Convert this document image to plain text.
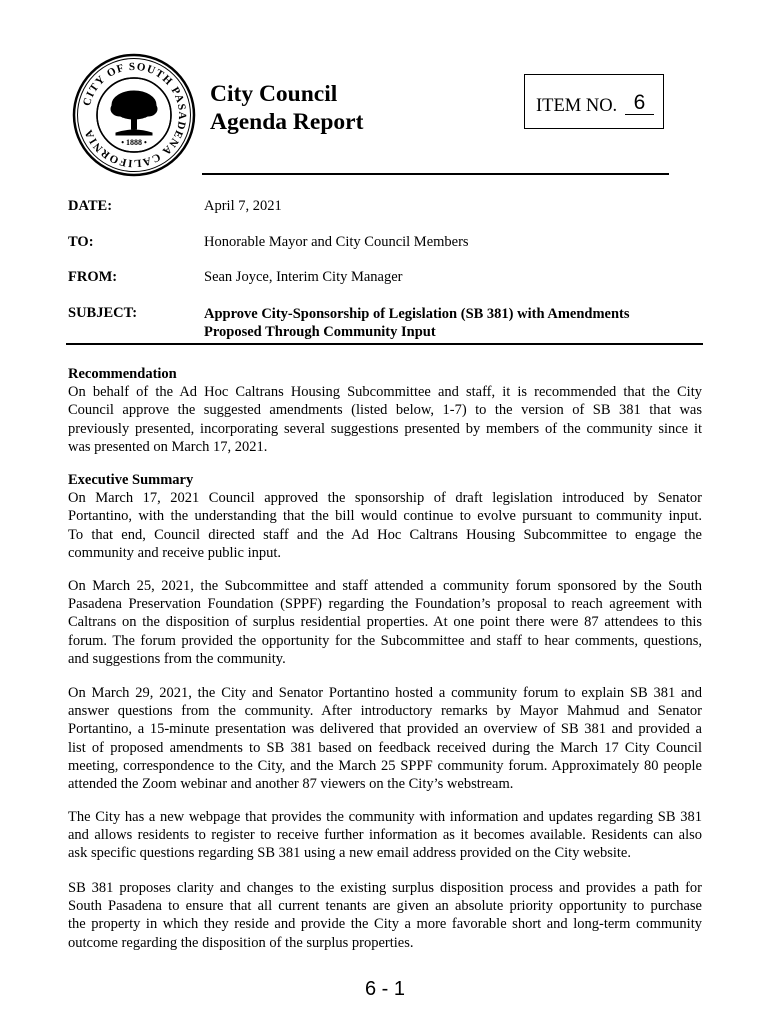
CITY OF SOUTH PASADENA CALIFORNIA
• 1888 •
City Council
Agenda Report
ITEM NO. 6
DATE:	April 7, 2021
TO:	Honorable Mayor and City Council Members
FROM:	Sean Joyce, Interim City Manager
SUBJECT:	Approve City-Sponsorship of Legislation (SB 381) with Amendments
Proposed Through Community Input
Recommendation
On behalf of the Ad Hoc Caltrans Housing Subcommittee and staff, it is recommended that the City
Council approve the suggested amendments (listed below, 1-7) to the version of SB 381 that was
previously presented, incorporating several suggestions presented by members of the community since it
was presented on March 17, 2021.
Executive Summary
On March 17, 2021 Council approved the sponsorship of draft legislation introduced by Senator
Portantino, with the understanding that the bill would continue to evolve pursuant to community input.
To that end, Council directed staff and the Ad Hoc Caltrans Housing Subcommittee to engage the
community and receive public input.
On March 25, 2021, the Subcommittee and staff attended a community forum sponsored by the South
Pasadena Preservation Foundation (SPPF) regarding the Foundation’s proposal to reach agreement with
Caltrans on the disposition of surplus residential properties. At one point there were 87 attendees to this
forum. The forum provided the opportunity for the Subcommittee and staff to hear comments, questions,
and suggestions from the community.
On March 29, 2021, the City and Senator Portantino hosted a community forum to explain SB 381 and
answer questions from the community. After introductory remarks by Mayor Mahmud and Senator
Portantino, a 15-minute presentation was delivered that provided an overview of SB 381 and provided a
list of proposed amendments to SB 381 based on feedback received during the March 17 City Council
meeting, correspondence to the City, and the March 25 SPPF community forum. Approximately 80 people
attended the Zoom webinar and another 87 viewers on the City’s webstream.
The City has a new webpage that provides the community with information and updates regarding SB 381
and allows residents to register to receive further information as it becomes available. Residents can also
ask specific questions regarding SB 381 using a new email address provided on the City website.
SB 381 proposes clarity and changes to the existing surplus disposition process and provides a path for
South Pasadena to ensure that all current tenants are given an absolute priority opportunity to purchase
the property in which they reside and provide the City a more favorable short and long-term community
outcome regarding the disposition of the surplus properties.
6 - 1
